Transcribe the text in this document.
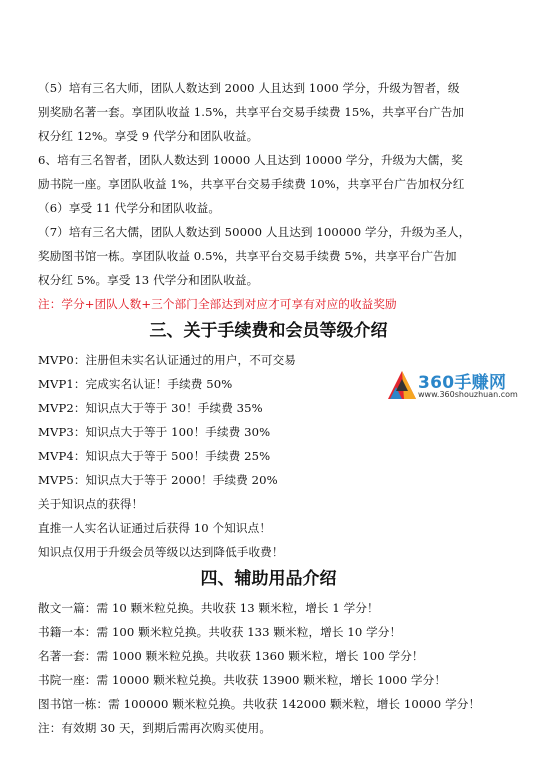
（5）培有三名大师，团队人数达到 2000 人且达到 1000 学分，升级为智者，级
别奖励名著一套。享团队收益 1.5%，共享平台交易手续费 15%，共享平台广告加
权分红 12%。享受 9 代学分和团队收益。
6、培有三名智者，团队人数达到 10000 人且达到 10000 学分，升级为大儒，奖
励书院一座。享团队收益 1%，共享平台交易手续费 10%，共享平台广告加权分红
（6）享受 11 代学分和团队收益。
（7）培有三名大儒，团队人数达到 50000 人且达到 100000 学分，升级为圣人，
奖励图书馆一栋。享团队收益 0.5%，共享平台交易手续费 5%，共享平台广告加
权分红 5%。享受 13 代学分和团队收益。
注：学分+团队人数+三个部门全部达到对应才可享有对应的收益奖励
三、关于手续费和会员等级介绍
MVP0：注册但未实名认证通过的用户，不可交易
MVP1：完成实名认证！手续费 50%
MVP2：知识点大于等于 30！手续费 35%
MVP3：知识点大于等于 100！手续费 30%
MVP4：知识点大于等于 500！手续费 25%
MVP5：知识点大于等于 2000！手续费 20%
关于知识点的获得！
直推一人实名认证通过后获得 10 个知识点！
知识点仅用于升级会员等级以达到降低手收费！
四、辅助用品介绍
散文一篇：需 10 颗米粒兑换。共收获 13 颗米粒，增长 1 学分！
书籍一本：需 100 颗米粒兑换。共收获 133 颗米粒，增长 10 学分！
名著一套：需 1000 颗米粒兑换。共收获 1360 颗米粒，增长 100 学分！
书院一座：需 10000 颗米粒兑换。共收获 13900 颗米粒，增长 1000 学分！
图书馆一栋：需 100000 颗米粒兑换。共收获 142000 颗米粒，增长 10000 学分！
注：有效期 30 天，到期后需再次购买使用。
360手赚网
www.360shouzhuan.com
